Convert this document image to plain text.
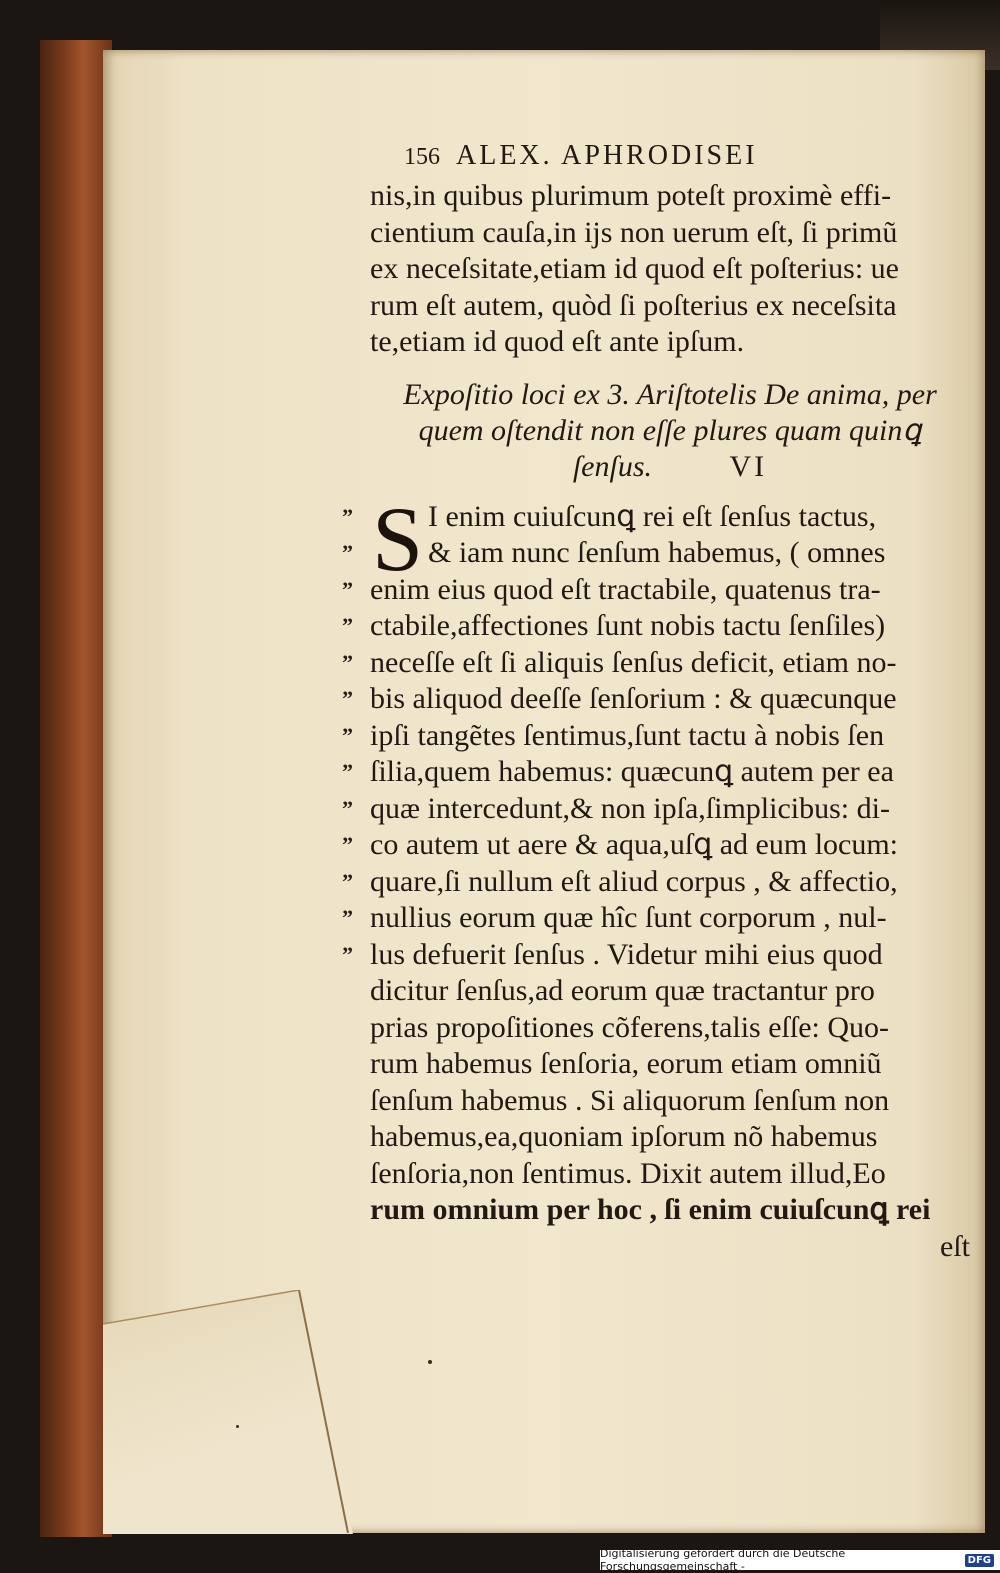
156 ALEX. APHRODISEI
nis,in quibus plurimum poteſt proximè effi-
cientium cauſa,in ijs non uerum eſt, ſi primũ
ex neceſsitate,etiam id quod eſt poſterius: ue
rum eſt autem, quòd ſi poſterius ex neceſsita
te,etiam id quod eſt ante ipſum.
Expoſitio loci ex 3. Ariſtotelis De anima, per
quem oſtendit non eſſe plures quam quinꝗ
ſenſus.	VI
S
”	I enim cuiuſcunꝗ rei eſt ſenſus tactus,
”	& iam nunc ſenſum habemus, ( omnes
” enim eius quod eſt tractabile, quatenus tra-
” ctabile,affectiones ſunt nobis tactu ſenſiles)
” neceſſe eſt ſi aliquis ſenſus deficit, etiam no-
” bis aliquod deeſſe ſenſorium : & quæcunque
” ipſi tangẽtes ſentimus,ſunt tactu à nobis ſen
” ſilia,quem habemus: quæcunꝗ autem per ea
” quæ intercedunt,& non ipſa,ſimplicibus: di-
” co autem ut aere & aqua,uſꝗ ad eum locum:
” quare,ſi nullum eſt aliud corpus , & affectio,
” nullius eorum quæ hîc ſunt corporum , nul-
” lus defuerit ſenſus . Videtur mihi eius quod
dicitur ſenſus,ad eorum quæ tractantur pro
prias propoſitiones cõferens,talis eſſe: Quo-
rum habemus ſenſoria, eorum etiam omniũ
ſenſum habemus . Si aliquorum ſenſum non
habemus,ea,quoniam ipſorum nõ habemus
ſenſoria,non ſentimus. Dixit autem illud,Eo
rum omnium per hoc , ſi enim cuiuſcunꝗ rei
eſt
Digitalisierung gefördert durch die Deutsche Forschungsgemeinschaft -	DFG
